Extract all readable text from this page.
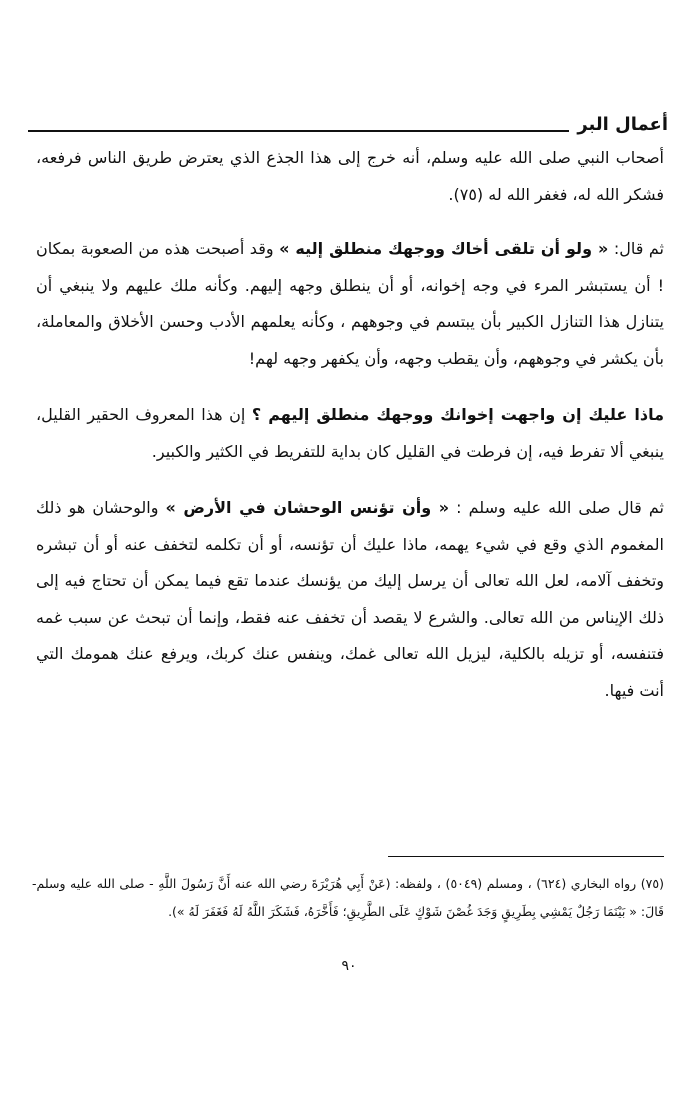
أعمال البر

أصحاب النبي صلى الله عليه وسلم، أنه خرج إلى هذا الجذع الذي يعترض طريق الناس فرفعه، فشكر الله له، فغفر الله له (٧٥).

ثم قال: « ولو أن تلقى أخاك ووجهك منطلق إليه » وقد أصبحت هذه من الصعوبة بمكان ! أن يستبشر المرء في وجه إخوانه، أو أن ينطلق وجهه إليهم. وكأنه ملك عليهم ولا ينبغي أن يتنازل هذا التنازل الكبير بأن يبتسم في وجوههم ، وكأنه يعلمهم الأدب وحسن الأخلاق والمعاملة، بأن يكشر في وجوههم، وأن يقطب وجهه، وأن يكفهر وجهه لهم!

ماذا عليك إن واجهت إخوانك ووجهك منطلق إليهم ؟ إن هذا المعروف الحقير القليل، ينبغي ألا تفرط فيه، إن فرطت في القليل كان بداية للتفريط في الكثير والكبير.

ثم قال صلى الله عليه وسلم : « وأن تؤنس الوحشان في الأرض » والوحشان هو ذلك المغموم الذي وقع في شيء يهمه، ماذا عليك أن تؤنسه، أو أن تكلمه لتخفف عنه أو أن تبشره وتخفف آلامه، لعل الله تعالى أن يرسل إليك من يؤنسك عندما تقع فيما يمكن أن تحتاج فيه إلى ذلك الإيناس من الله تعالى. والشرع لا يقصد أن تخفف عنه فقط، وإنما أن تبحث عن سبب غمه فتنفسه، أو تزيله بالكلية، ليزيل الله تعالى غمك، وينفس عنك كربك، ويرفع عنك همومك التي أنت فيها.

(٧٥) رواه البخاري (٦٢٤) ، ومسلم (٥٠٤٩) ، ولفظه: (عَنْ أَبِي هُرَيْرَةَ رضي الله عنه أَنَّ رَسُولَ اللَّهِ - صلى الله عليه وسلم- قَالَ: « بَيْنَمَا رَجُلٌ يَمْشِي بِطَرِيقٍ وَجَدَ غُصْنَ شَوْكٍ عَلَى الطَّرِيقِ؛ فَأَخَّرَهُ، فَشَكَرَ اللَّهُ لَهُ فَغَفَرَ لَهُ »).

٩٠
